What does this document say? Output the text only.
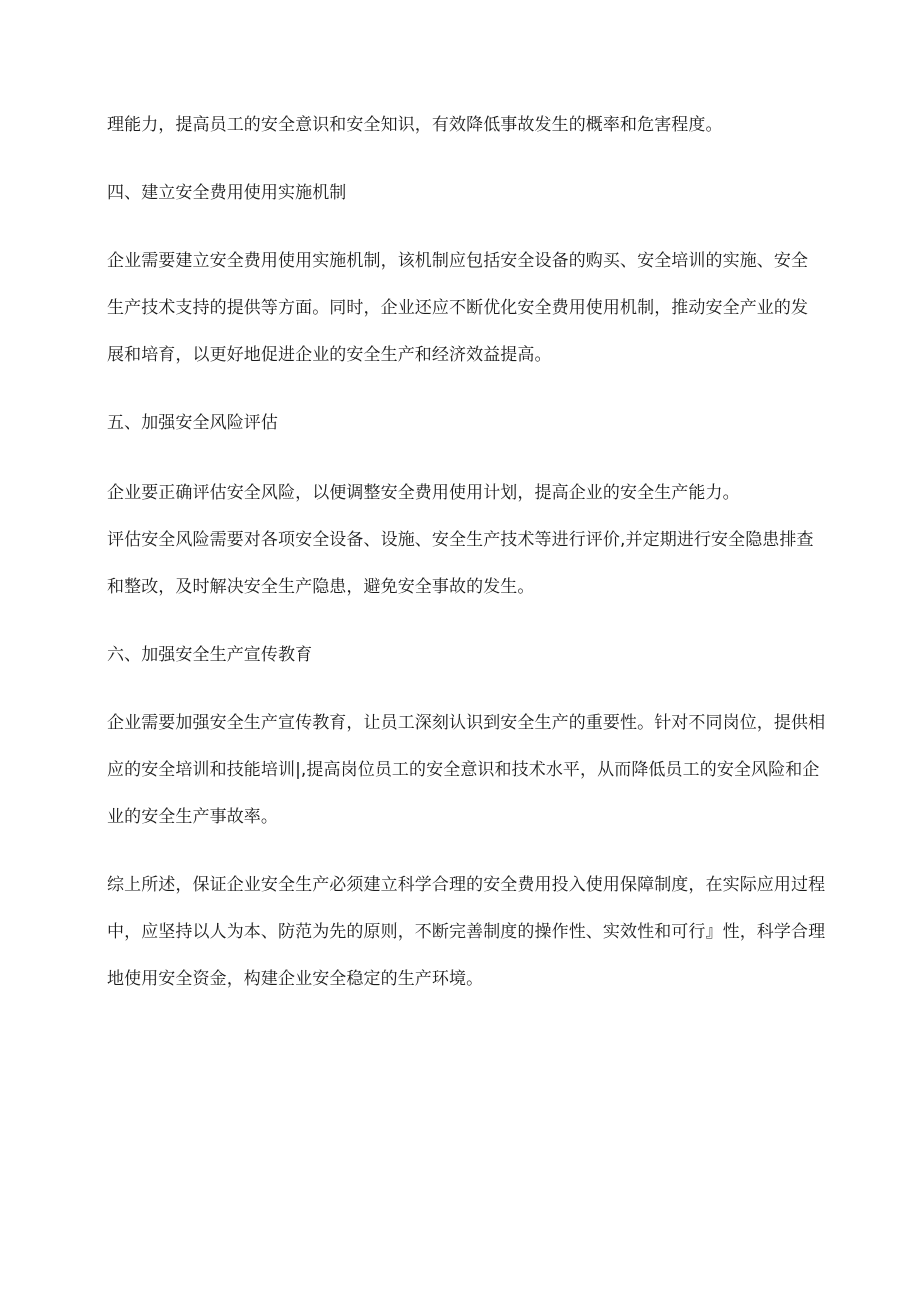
理能力，提高员工的安全意识和安全知识，有效降低事故发生的概率和危害程度。
四、建立安全费用使用实施机制
企业需要建立安全费用使用实施机制，该机制应包括安全设备的购买、安全培训的实施、安全
生产技术支持的提供等方面。同时，企业还应不断优化安全费用使用机制，推动安全产业的发
展和培育，以更好地促进企业的安全生产和经济效益提高。
五、加强安全风险评估
企业要正确评估安全风险，以便调整安全费用使用计划，提高企业的安全生产能力。
评估安全风险需要对各项安全设备、设施、安全生产技术等进行评价,并定期进行安全隐患排查
和整改，及时解决安全生产隐患，避免安全事故的发生。
六、加强安全生产宣传教育
企业需要加强安全生产宣传教育，让员工深刻认识到安全生产的重要性。针对不同岗位，提供相
应的安全培训和技能培训|,提高岗位员工的安全意识和技术水平，从而降低员工的安全风险和企
业的安全生产事故率。
综上所述，保证企业安全生产必须建立科学合理的安全费用投入使用保障制度，在实际应用过程
中，应坚持以人为本、防范为先的原则，不断完善制度的操作性、实效性和可行』性，科学合理
地使用安全资金，构建企业安全稳定的生产环境。
